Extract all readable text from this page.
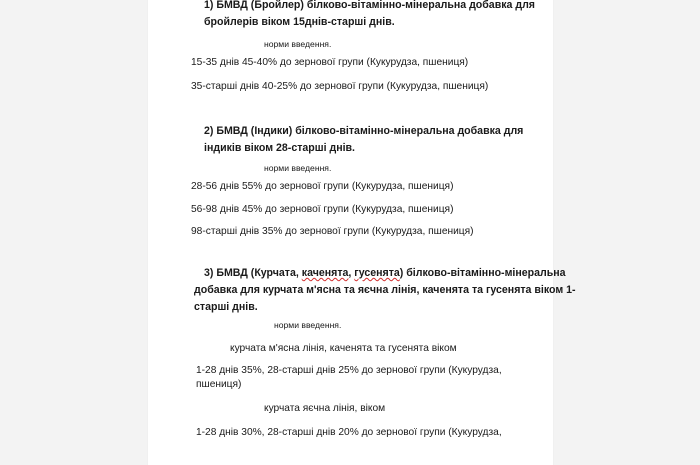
1) БМВД (Бройлер) білково-вітамінно-мінеральна добавка для
бройлерів віком 15днів-старші днів.
норми введення.
15-35 днів 45-40% до зернової групи (Кукурудза, пшениця)
35-старші днів 40-25% до зернової групи (Кукурудза, пшениця)
2) БМВД (Індики) білково-вітамінно-мінеральна добавка для
індиків віком 28-старші днів.
норми введення.
28-56 днів 55% до зернової групи (Кукурудза, пшениця)
56-98 днів 45% до зернової групи (Кукурудза, пшениця)
98-старші днів 35% до зернової групи (Кукурудза, пшениця)
3) БМВД (Курчата, каченята, гусенята) білково-вітамінно-мінеральна
добавка для курчата м'ясна та яєчна лінія, каченята та гусенята віком 1-
старші днів.
норми введення.
курчата м'ясна лінія, каченята та гусенята віком
1-28 днів 35%, 28-старші днів 25% до зернової групи (Кукурудза,
пшениця)
курчата яєчна лінія, віком
1-28 днів 30%, 28-старші днів 20% до зернової групи (Кукурудза,
